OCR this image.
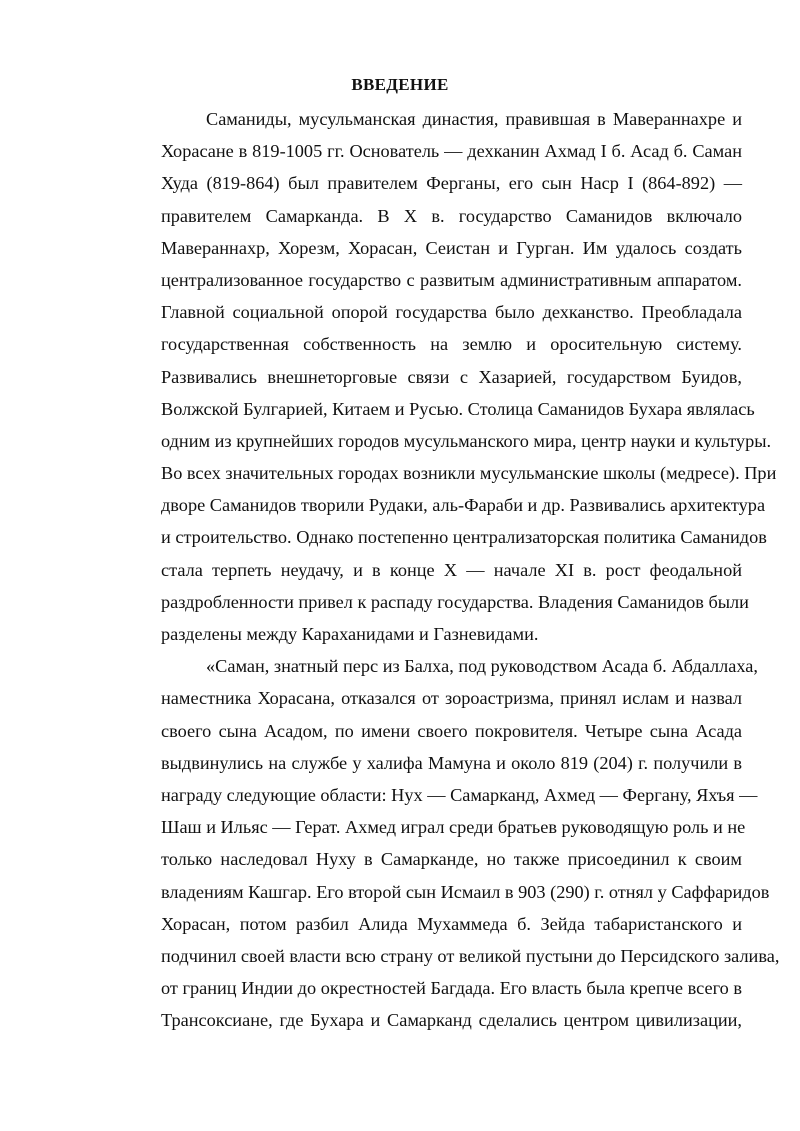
ВВЕДЕНИЕ
Саманиды, мусульманская династия, правившая в Мавераннахре и
Хорасане в 819-1005 гг. Основатель — дехканин Ахмад I б. Асад б. Саман
Худа (819-864) был правителем Ферганы, его сын Наср I (864-892) —
правителем Самарканда. В X в. государство Саманидов включало
Мавераннахр, Хорезм, Хорасан, Сеистан и Гурган. Им удалось создать
централизованное государство с развитым административным аппаратом.
Главной социальной опорой государства было дехканство. Преобладала
государственная собственность на землю и оросительную систему.
Развивались внешнеторговые связи с Хазарией, государством Буидов,
Волжской Булгарией, Китаем и Русью. Столица Саманидов Бухара являлась
одним из крупнейших городов мусульманского мира, центр науки и культуры.
Во всех значительных городах возникли мусульманские школы (медресе). При
дворе Саманидов творили Рудаки, аль-Фараби и др. Развивались архитектура
и строительство. Однако постепенно централизаторская политика Саманидов
стала терпеть неудачу, и в конце X — начале XI в. рост феодальной
раздробленности привел к распаду государства. Владения Саманидов были
разделены между Караханидами и Газневидами.
«Саман, знатный перс из Балха, под руководством Асада б. Абдаллаха,
наместника Хорасана, отказался от зороастризма, принял ислам и назвал
своего сына Асадом, по имени своего покровителя. Четыре сына Асада
выдвинулись на службе у халифа Мамуна и около 819 (204) г. получили в
награду следующие области: Нух — Самарканд, Ахмед — Фергану, Яхъя —
Шаш и Ильяс — Герат. Ахмед играл среди братьев руководящую роль и не
только наследовал Нуху в Самарканде, но также присоединил к своим
владениям Кашгар. Его второй сын Исмаил в 903 (290) г. отнял у Саффаридов
Хорасан, потом разбил Алида Мухаммеда б. Зейда табаристанского и
подчинил своей власти всю страну от великой пустыни до Персидского залива,
от границ Индии до окрестностей Багдада. Его власть была крепче всего в
Трансоксиане, где Бухара и Самарканд сделались центром цивилизации,
